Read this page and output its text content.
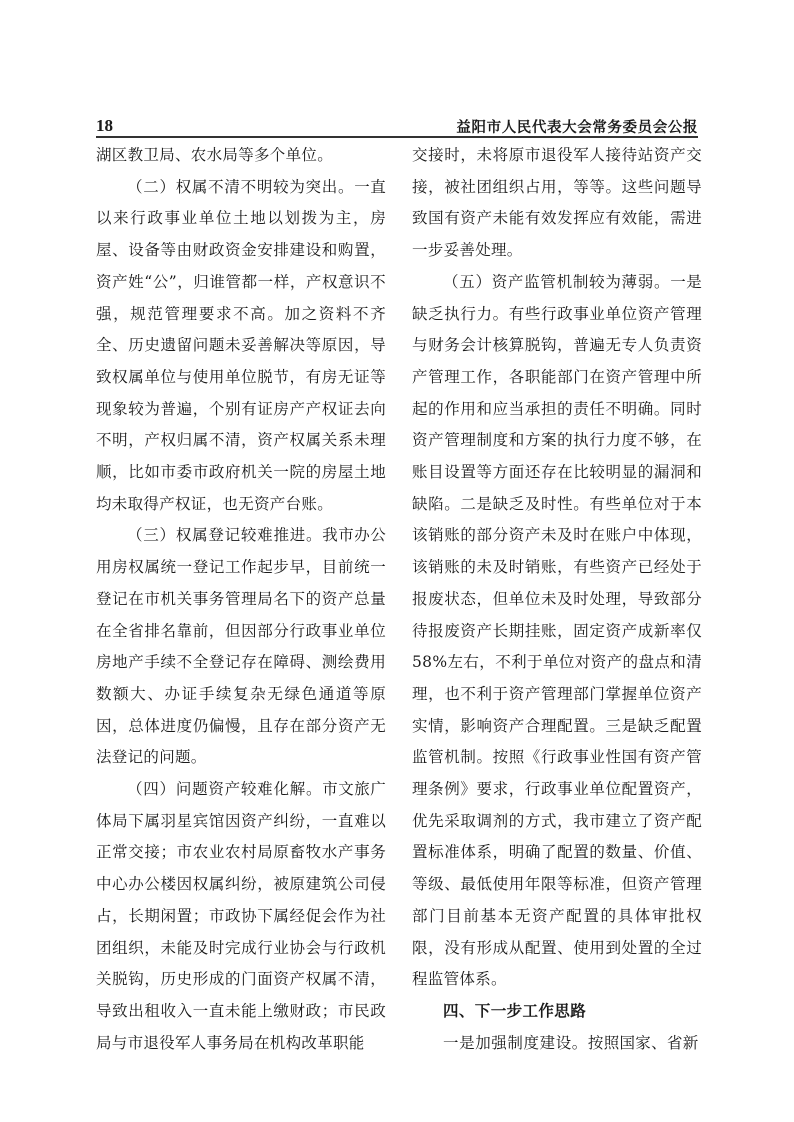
18	益阳市人民代表大会常务委员会公报

湖区教卫局、农水局等多个单位。

（二）权属不清不明较为突出。一直以来行政事业单位土地以划拨为主，房屋、设备等由财政资金安排建设和购置，资产姓“公”，归谁管都一样，产权意识不强，规范管理要求不高。加之资料不齐全、历史遗留问题未妥善解决等原因，导致权属单位与使用单位脱节，有房无证等现象较为普遍，个别有证房产产权证去向不明，产权归属不清，资产权属关系未理顺，比如市委市政府机关一院的房屋土地均未取得产权证，也无资产台账。

（三）权属登记较难推进。我市办公用房权属统一登记工作起步早，目前统一登记在市机关事务管理局名下的资产总量在全省排名靠前，但因部分行政事业单位房地产手续不全登记存在障碍、测绘费用数额大、办证手续复杂无绿色通道等原因，总体进度仍偏慢，且存在部分资产无法登记的问题。

（四）问题资产较难化解。市文旅广体局下属羽星宾馆因资产纠纷，一直难以正常交接；市农业农村局原畜牧水产事务中心办公楼因权属纠纷，被原建筑公司侵占，长期闲置；市政协下属经促会作为社团组织，未能及时完成行业协会与行政机关脱钩，历史形成的门面资产权属不清，导致出租收入一直未能上缴财政；市民政局与市退役军人事务局在机构改革职能

交接时，未将原市退役军人接待站资产交接，被社团组织占用，等等。这些问题导致国有资产未能有效发挥应有效能，需进一步妥善处理。

（五）资产监管机制较为薄弱。一是缺乏执行力。有些行政事业单位资产管理与财务会计核算脱钩，普遍无专人负责资产管理工作，各职能部门在资产管理中所起的作用和应当承担的责任不明确。同时资产管理制度和方案的执行力度不够，在账目设置等方面还存在比较明显的漏洞和缺陷。二是缺乏及时性。有些单位对于本该销账的部分资产未及时在账户中体现，该销账的未及时销账，有些资产已经处于报废状态，但单位未及时处理，导致部分待报废资产长期挂账，固定资产成新率仅 58%左右，不利于单位对资产的盘点和清理，也不利于资产管理部门掌握单位资产实情，影响资产合理配置。三是缺乏配置监管机制。按照《行政事业性国有资产管理条例》要求，行政事业单位配置资产，优先采取调剂的方式，我市建立了资产配置标准体系，明确了配置的数量、价值、等级、最低使用年限等标准，但资产管理部门目前基本无资产配置的具体审批权限，没有形成从配置、使用到处置的全过程监管体系。

四、下一步工作思路

一是加强制度建设。按照国家、省新
